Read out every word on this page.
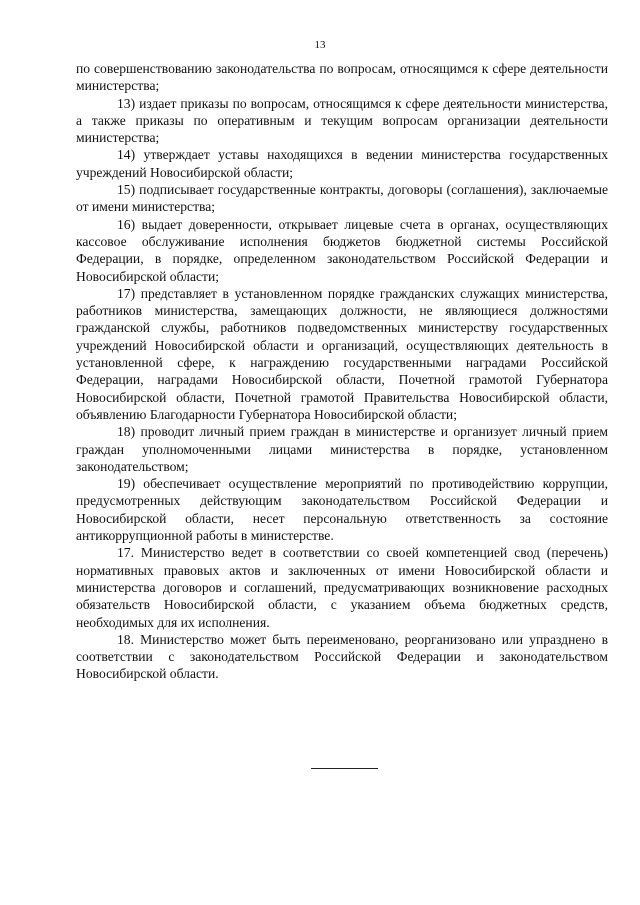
13

по совершенствованию законодательства по вопросам, относящимся к сфере деятельности министерства;

13) издает приказы по вопросам, относящимся к сфере деятельности министерства, а также приказы по оперативным и текущим вопросам организации деятельности министерства;

14) утверждает уставы находящихся в ведении министерства государственных учреждений Новосибирской области;

15) подписывает государственные контракты, договоры (соглашения), заключаемые от имени министерства;

16) выдает доверенности, открывает лицевые счета в органах, осуществляющих кассовое обслуживание исполнения бюджетов бюджетной системы Российской Федерации, в порядке, определенном законодательством Российской Федерации и Новосибирской области;

17) представляет в установленном порядке гражданских служащих министерства, работников министерства, замещающих должности, не являющиеся должностями гражданской службы, работников подведомственных министерству государственных учреждений Новосибирской области и организаций, осуществляющих деятельность в установленной сфере, к награждению государственными наградами Российской Федерации, наградами Новосибирской области, Почетной грамотой Губернатора Новосибирской области, Почетной грамотой Правительства Новосибирской области, объявлению Благодарности Губернатора Новосибирской области;

18) проводит личный прием граждан в министерстве и организует личный прием граждан уполномоченными лицами министерства в порядке, установленном законодательством;

19) обеспечивает осуществление мероприятий по противодействию коррупции, предусмотренных действующим законодательством Российской Федерации и Новосибирской области, несет персональную ответственность за состояние антикоррупционной работы в министерстве.

17. Министерство ведет в соответствии со своей компетенцией свод (перечень) нормативных правовых актов и заключенных от имени Новосибирской области и министерства договоров и соглашений, предусматривающих возникновение расходных обязательств Новосибирской области, с указанием объема бюджетных средств, необходимых для их исполнения.

18. Министерство может быть переименовано, реорганизовано или упразднено в соответствии с законодательством Российской Федерации и законодательством Новосибирской области.
